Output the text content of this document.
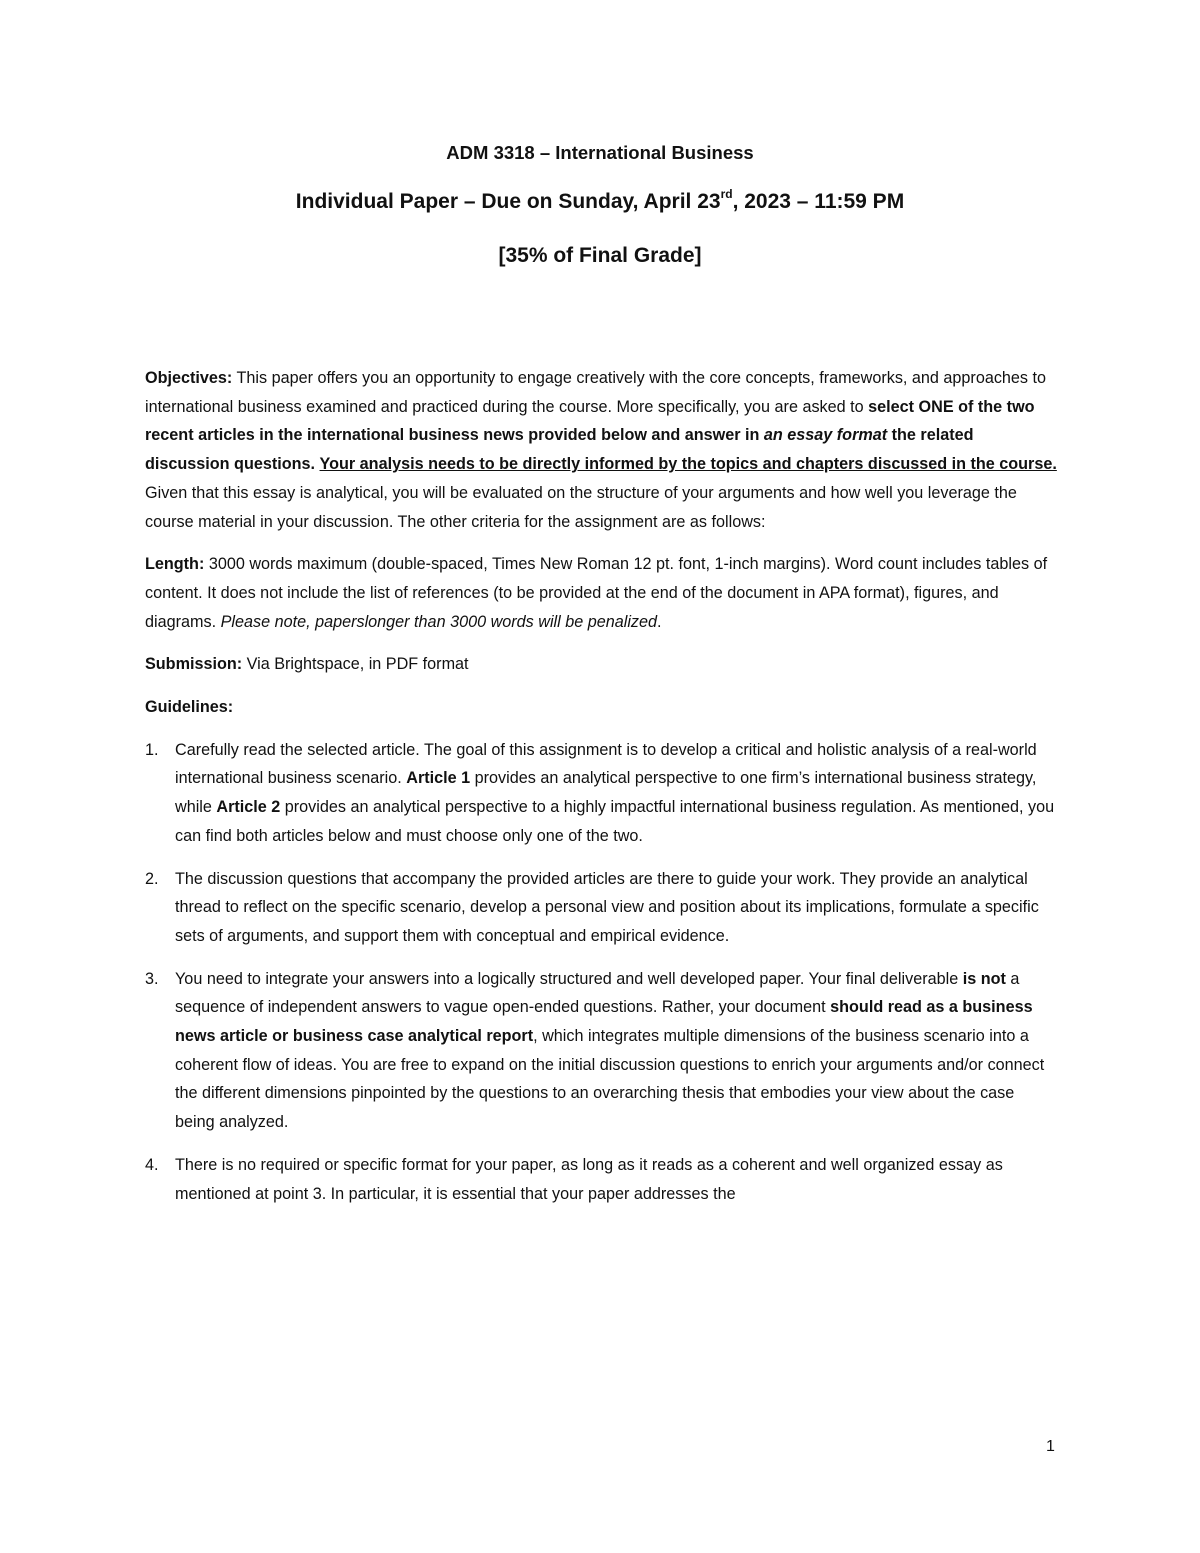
ADM 3318 – International Business
Individual Paper – Due on Sunday, April 23rd, 2023 – 11:59 PM
[35% of Final Grade]

Objectives: This paper offers you an opportunity to engage creatively with the core concepts, frameworks, and approaches to international business examined and practiced during the course. More specifically, you are asked to select ONE of the two recent articles in the international business news provided below and answer in an essay format the related discussion questions. Your analysis needs to be directly informed by the topics and chapters discussed in the course. Given that this essay is analytical, you will be evaluated on the structure of your arguments and how well you leverage the course material in your discussion. The other criteria for the assignment are as follows:

Length: 3000 words maximum (double-spaced, Times New Roman 12 pt. font, 1-inch margins). Word count includes tables of content. It does not include the list of references (to be provided at the end of the document in APA format), figures, and diagrams. Please note, paperslonger than 3000 words will be penalized.

Submission: Via Brightspace, in PDF format

Guidelines:

1. Carefully read the selected article. The goal of this assignment is to develop a critical and holistic analysis of a real-world international business scenario. Article 1 provides an analytical perspective to one firm’s international business strategy, while Article 2 provides an analytical perspective to a highly impactful international business regulation. As mentioned, you can find both articles below and must choose only one of the two.
2. The discussion questions that accompany the provided articles are there to guide your work. They provide an analytical thread to reflect on the specific scenario, develop a personal view and position about its implications, formulate a specific sets of arguments, and support them with conceptual and empirical evidence.
3. You need to integrate your answers into a logically structured and well developed paper. Your final deliverable is not a sequence of independent answers to vague open-ended questions. Rather, your document should read as a business news article or business case analytical report, which integrates multiple dimensions of the business scenario into a coherent flow of ideas. You are free to expand on the initial discussion questions to enrich your arguments and/or connect the different dimensions pinpointed by the questions to an overarching thesis that embodies your view about the case being analyzed.
4. There is no required or specific format for your paper, as long as it reads as a coherent and well organized essay as mentioned at point 3. In particular, it is essential that your paper addresses the
1
